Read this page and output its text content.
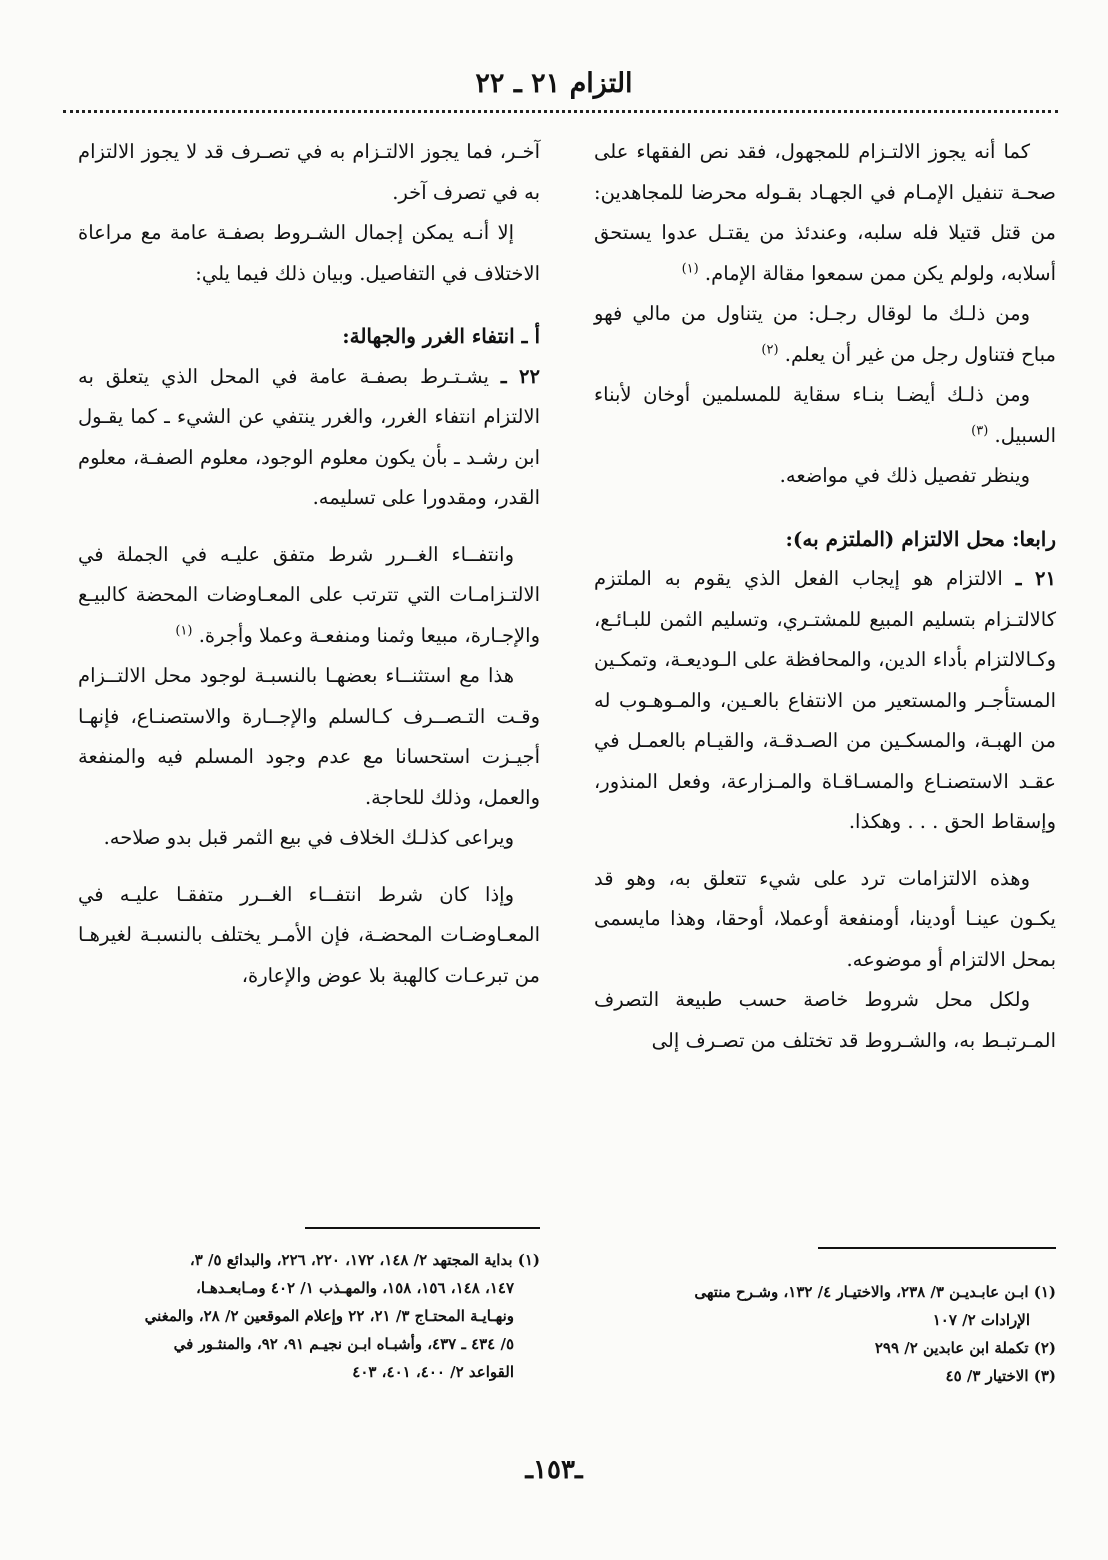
التزام ٢١ ـ ٢٢

كما أنه يجوز الالتـزام للمجهول، فقد نص الفقهاء على صحـة تنفيل الإمـام في الجهـاد بقـوله محرضا للمجاهدين: من قتل قتيلا فله سلبه، وعندئذ من يقتـل عدوا يستحق أسلابه، ولولم يكن ممن سمعوا مقالة الإمام. $^{(١)}$

ومن ذلـك ما لوقال رجـل: من يتناول من مالي فهو مباح فتناول رجل من غير أن يعلم. $^{(٢)}$

ومن ذلـك أيضـا بنـاء سقاية للمسلمين أوخان لأبناء السبيل. $^{(٣)}$

وينظر تفصيل ذلك في مواضعه.

رابعا: محل الالتزام (الملتزم به):

٢١ ـ الالتزام هو إيجاب الفعل الذي يقوم به الملتزم كالالتـزام بتسليم المبيع للمشتـري، وتسليم الثمن للبـائـع، وكـالالتزام بأداء الدين، والمحافظة على الـوديعـة، وتمكـين المستأجـر والمستعير من الانتفاع بالعـين، والمـوهـوب له من الهبـة، والمسكـين من الصـدقـة، والقيـام بالعمـل في عقـد الاستصنـاع والمسـاقـاة والمـزارعة، وفعل المنذور، وإسقاط الحق . . . وهكذا.

وهذه الالتزامات ترد على شيء تتعلق به، وهو قد يكـون عينـا أودينا، أومنفعة أوعملا، أوحقا، وهذا مايسمى بمحل الالتزام أو موضوعه.

ولكل محل شروط خاصة حسب طبيعة التصرف المـرتبـط به، والشـروط قد تختلف من تصـرف إلى

آخـر، فما يجوز الالتـزام به في تصـرف قد لا يجوز الالتزام به في تصرف آخر.

إلا أنـه يمكن إجمال الشـروط بصفـة عامة مع مراعاة الاختلاف في التفاصيل. وبيان ذلك فيما يلي:

أ ـ انتفاء الغرر والجهالة:

٢٢ ـ يشـتـرط بصفـة عامة في المحل الذي يتعلق به الالتزام انتفاء الغرر، والغرر ينتفي عن الشيء ـ كما يقـول ابن رشـد ـ بأن يكون معلوم الوجود، معلوم الصفـة، معلوم القدر، ومقدورا على تسليمه.

وانتفــاء الغــرر شرط متفق عليـه في الجملة في الالتـزامـات التي تترتب على المعـاوضات المحضة كالبيـع والإجـارة، مبيعا وثمنا ومنفعـة وعملا وأجرة. $^{(١)}$

هذا مع استثنــاء بعضهـا بالنسبـة لوجود محل الالتــزام وقـت التـصــرف كـالسلم والإجــارة والاستصنـاع، فإنهـا أجيـزت استحسانا مع عدم وجود المسلم فيه والمنفعة والعمل، وذلك للحاجة.

ويراعى كذلـك الخلاف في بيع الثمر قبل بدو صلاحه.

وإذا كان شرط انتفــاء الغــرر متفقـا عليـه في المعـاوضـات المحضـة، فإن الأمـر يختلف بالنسبـة لغيرهـا من تبرعـات كالهبة بلا عوض والإعارة،

(١) ابـن عابـديـن ٣/ ٢٣٨، والاختيـار ٤/ ١٣٢، وشـرح منتهى
الإرادات ٢/ ١٠٧
(٢) تكملة ابن عابدين ٢/ ٢٩٩
(٣) الاختيار ٣/ ٤٥
(١) بداية المجتهد ٢/ ١٤٨، ١٧٢، ٢٢٠، ٢٢٦، والبدائع ٥/ ٣،
١٤٧، ١٤٨، ١٥٦، ١٥٨، والمهـذب ١/ ٤٠٢ ومـابعـدهـا،
ونهـايـة المحتـاج ٣/ ٢١، ٢٢ وإعلام الموقعين ٢/ ٢٨، والمغني
٥/ ٤٣٤ ـ ٤٣٧، وأشبـاه ابـن نجيـم ٩١، ٩٢، والمنثـور في
القواعد ٢/ ٤٠٠، ٤٠١، ٤٠٣
ـ١٥٣ـ
